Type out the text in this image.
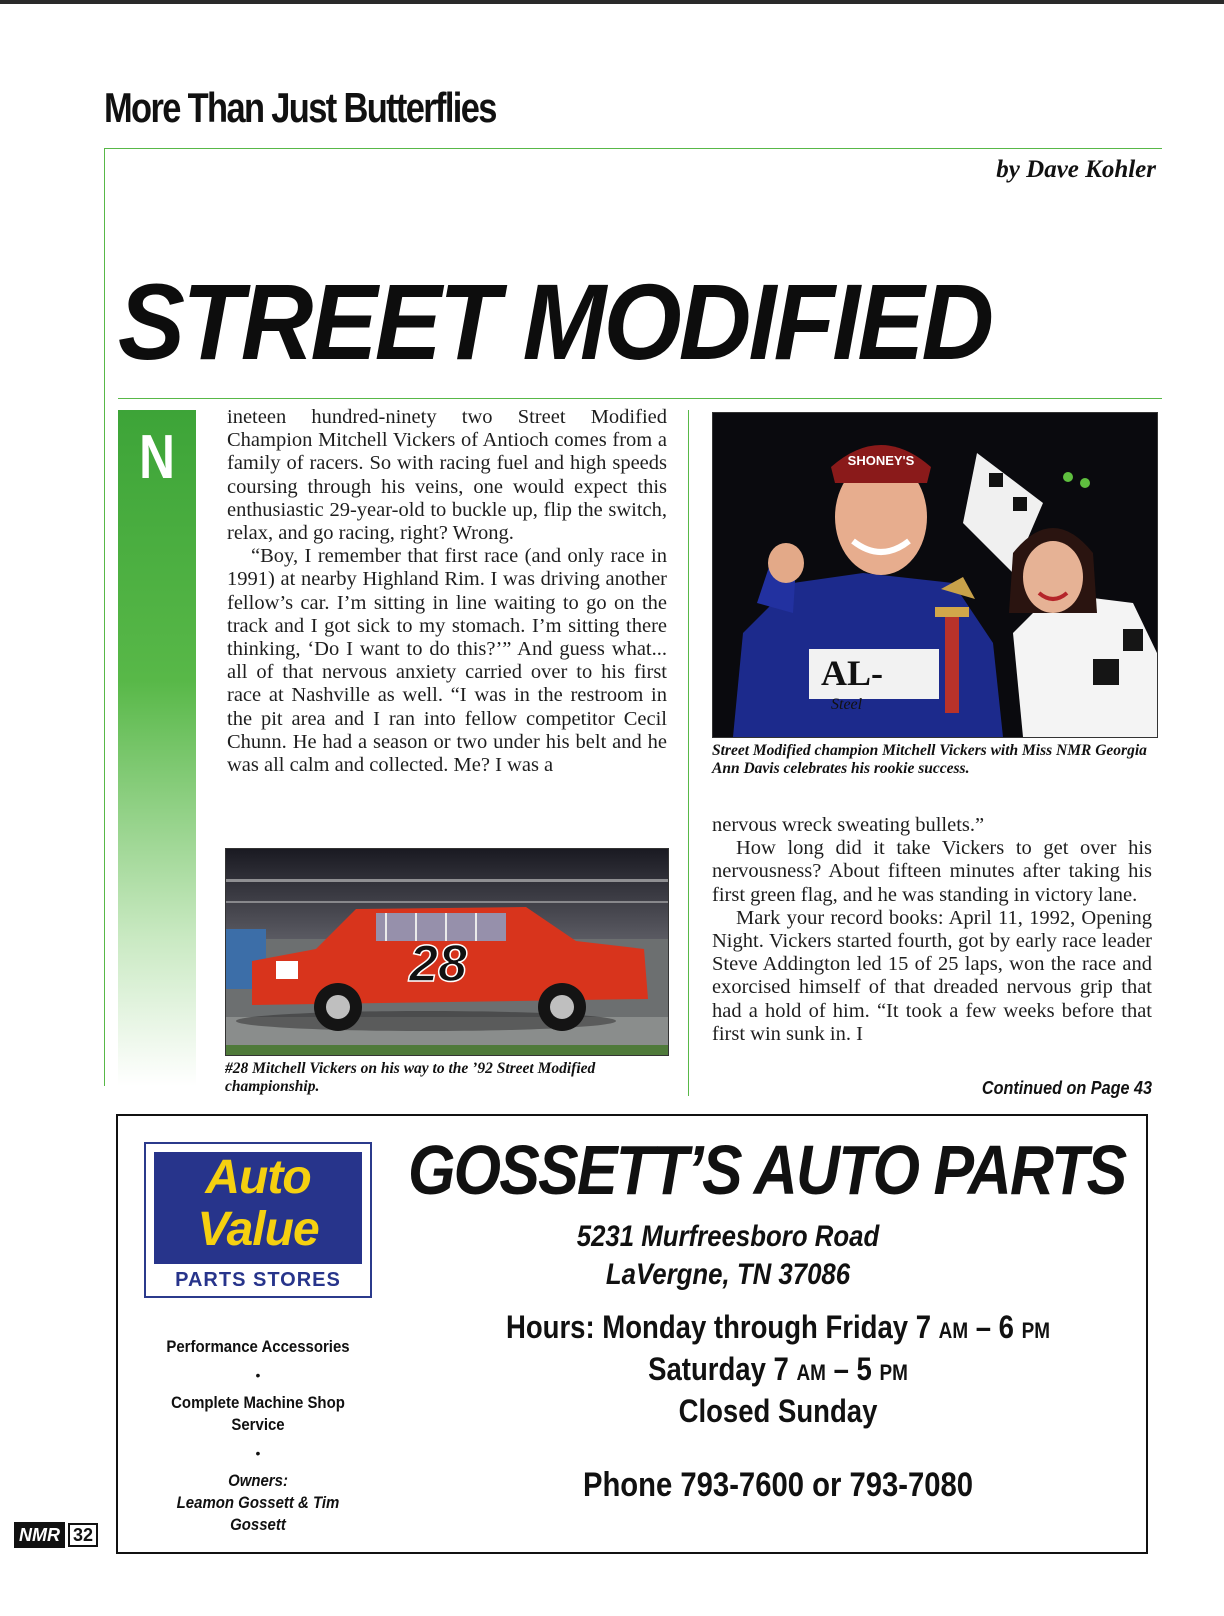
More Than Just Butterflies
by Dave Kohler
STREET MODIFIED
N

ineteen hundred-ninety two Street Modified Champion Mitchell Vickers of Antioch comes from a family of racers. So with racing fuel and high speeds coursing through his veins, one would expect this enthusiastic 29-year-old to buckle up, flip the switch, relax, and go racing, right? Wrong.

“Boy, I remember that first race (and only race in 1991) at nearby Highland Rim. I was driving another fellow’s car. I’m sitting in line waiting to go on the track and I got sick to my stomach. I’m sitting there thinking, ‘Do I want to do this?’” And guess what... all of that nervous anxiety carried over to his first race at Nashville as well. “I was in the restroom in the pit area and I ran into fellow competitor Cecil Chunn. He had a season or two under his belt and he was all calm and collected. Me? I was a

28
#28 Mitchell Vickers on his way to the ’92 Street Modified championship.
SHONEY'S
AL-
Steel
Street Modified champion Mitchell Vickers with Miss NMR Georgia Ann Davis celebrates his rookie success.

nervous wreck sweating bullets.”

How long did it take Vickers to get over his nervousness? About fifteen minutes after taking his first green flag, and he was standing in victory lane.

Mark your record books: April 11, 1992, Opening Night. Vickers started fourth, got by early race leader Steve Addington led 15 of 25 laps, won the race and exorcised himself of that dreaded nervous grip that had a hold of him. “It took a few weeks before that first win sunk in. I

Continued on Page 43
Auto
Value
PARTS STORES
GOSSETT’S AUTO PARTS
5231 Murfreesboro Road
LaVergne, TN 37086
Performance Accessories
•
Complete Machine Shop Service
•
Owners:
Leamon Gossett & Tim Gossett
Hours: Monday through Friday 7 AM – 6 PM
Saturday 7 AM – 5 PM
Closed Sunday
Phone 793-7600 or 793-7080
NMR 32
